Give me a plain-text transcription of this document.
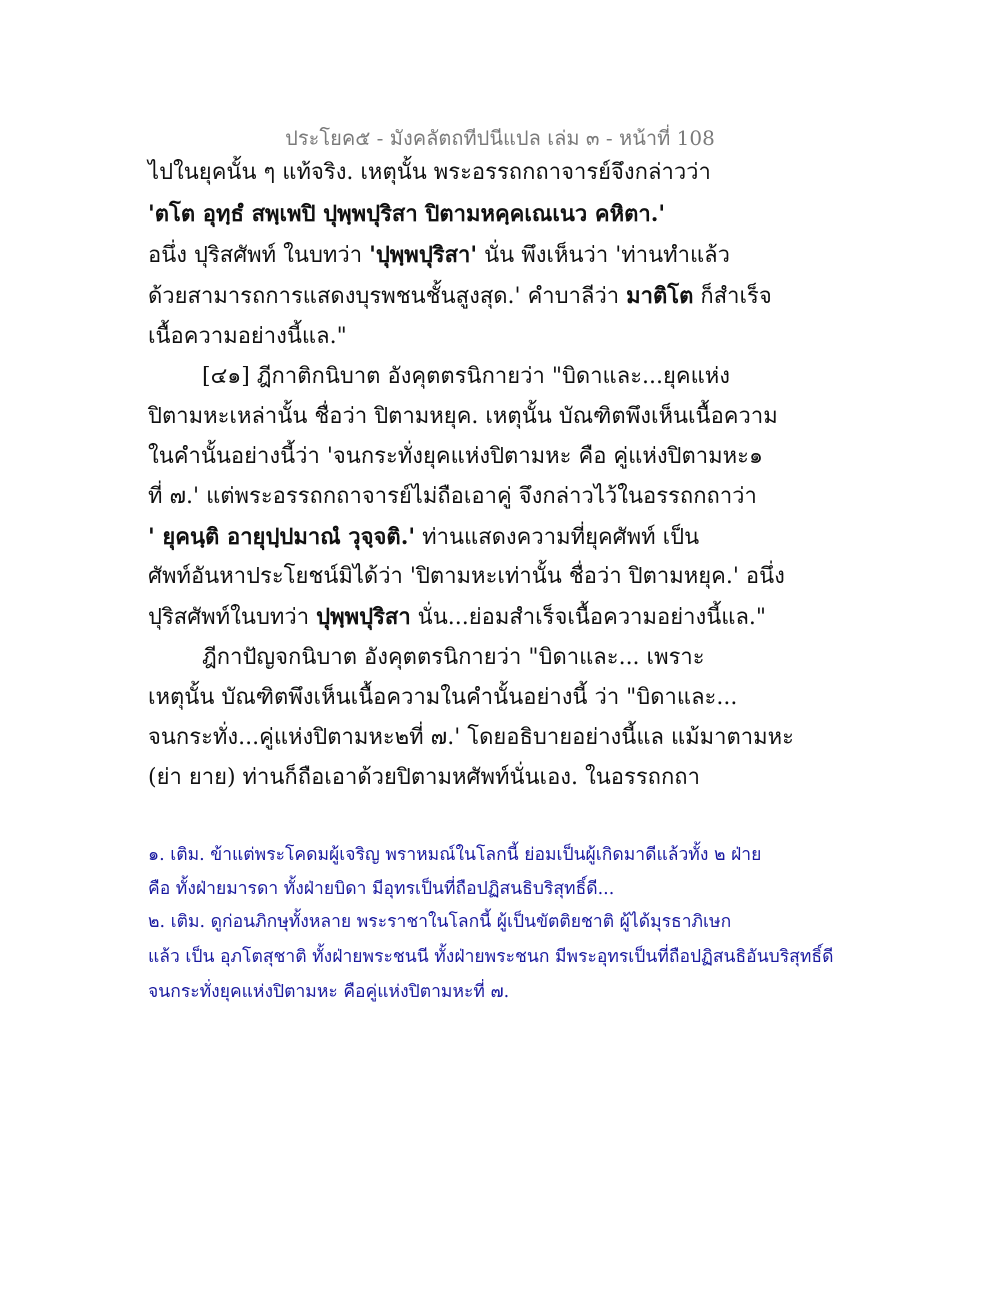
ประโยค๕ - มังคลัตถทีปนีแปล เล่ม ๓ - หน้าที่ 108
ไปในยุคนั้น ๆ แท้จริง. เหตุนั้น พระอรรถกถาจารย์จึงกล่าวว่า
'ตโต อุทฺธํ สพฺเพปิ ปุพฺพปุริสา ปิตามหคฺคเณเนว คหิตา.'
อนึ่ง ปุริสศัพท์ ในบทว่า 'ปุพฺพปุริสา' นั่น พึงเห็นว่า 'ท่านทำแล้ว
ด้วยสามารถการแสดงบุรพชนชั้นสูงสุด.' คำบาลีว่า มาติโต ก็สำเร็จ
เนื้อความอย่างนี้แล."
[๔๑] ฎีกาติกนิบาต อังคุตตรนิกายว่า "บิดาและ...ยุคแห่ง
ปิตามหะเหล่านั้น ชื่อว่า ปิตามหยุค. เหตุนั้น บัณฑิตพึงเห็นเนื้อความ
ในคำนั้นอย่างนี้ว่า 'จนกระทั่งยุคแห่งปิตามหะ คือ คู่แห่งปิตามหะ๑
ที่ ๗.' แต่พระอรรถกถาจารย์ไม่ถือเอาคู่ จึงกล่าวไว้ในอรรถกถาว่า
' ยุคนฺติ อายุปฺปมาณํ วุจฺจติ.' ท่านแสดงความที่ยุคศัพท์ เป็น
ศัพท์อันหาประโยชน์มิได้ว่า 'ปิตามหะเท่านั้น ชื่อว่า ปิตามหยุค.' อนึ่ง
ปุริสศัพท์ในบทว่า ปุพฺพปุริสา นั่น...ย่อมสำเร็จเนื้อความอย่างนี้แล."
ฎีกาปัญจกนิบาต อังคุตตรนิกายว่า "บิดาและ... เพราะ
เหตุนั้น บัณฑิตพึงเห็นเนื้อความในคำนั้นอย่างนี้ ว่า "บิดาและ...
จนกระทั่ง...คู่แห่งปิตามหะ๒ที่ ๗.' โดยอธิบายอย่างนี้แล แม้มาตามหะ
(ย่า ยาย) ท่านก็ถือเอาด้วยปิตามหศัพท์นั่นเอง. ในอรรถกถา
๑. เติม. ข้าแต่พระโคดมผู้เจริญ พราหมณ์ในโลกนี้ ย่อมเป็นผู้เกิดมาดีแล้วทั้ง ๒ ฝ่าย
คือ ทั้งฝ่ายมารดา ทั้งฝ่ายบิดา มีอุทรเป็นที่ถือปฏิสนธิบริสุทธิ์ดี...
๒. เติม. ดูก่อนภิกษุทั้งหลาย พระราชาในโลกนี้ ผู้เป็นขัตติยชาติ ผู้ได้มุรธาภิเษก
แล้ว เป็น อุภโตสุชาติ ทั้งฝ่ายพระชนนี ทั้งฝ่ายพระชนก มีพระอุทรเป็นที่ถือปฏิสนธิอันบริสุทธิ์ดี
จนกระทั่งยุคแห่งปิตามหะ คือคู่แห่งปิตามหะที่ ๗.
